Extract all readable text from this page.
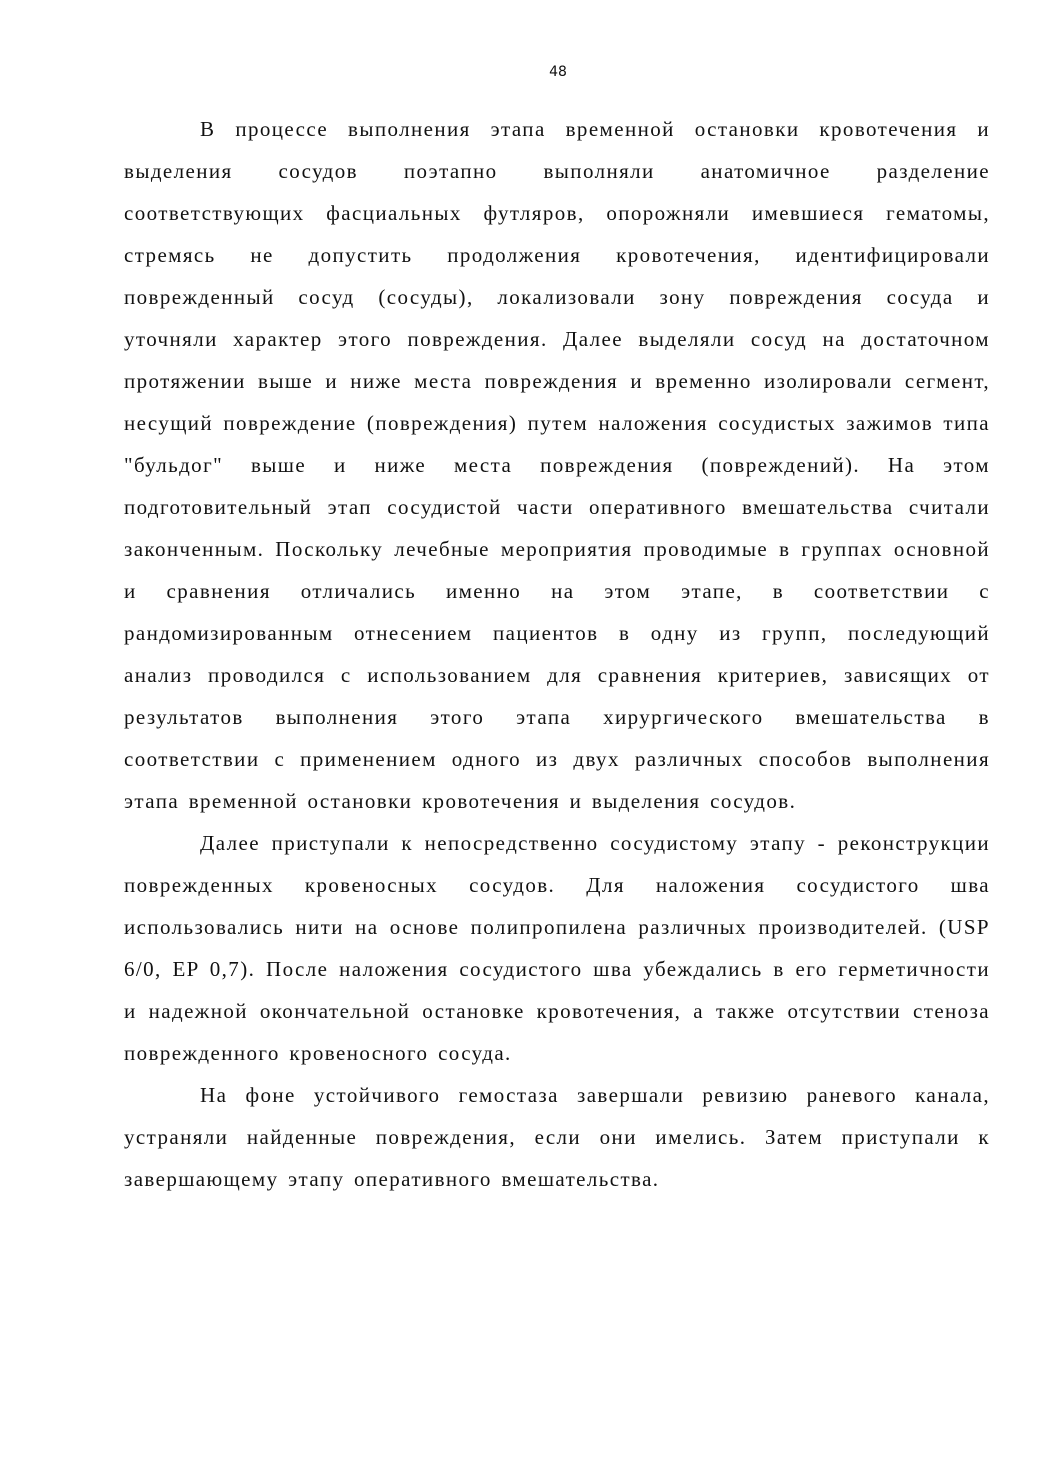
48

В процессе выполнения этапа временной остановки кровотечения и выделения сосудов поэтапно выполняли анатомичное разделение соответствующих фасциальных футляров, опорожняли имевшиеся гематомы, стремясь не допустить продолжения кровотечения, идентифицировали поврежденный сосуд (сосуды), локализовали зону повреждения сосуда и уточняли характер этого повреждения. Далее выделяли сосуд на достаточном протяжении выше и ниже места повреждения и временно изолировали сегмент, несущий повреждение (повреждения) путем наложения сосудистых зажимов типа "бульдог" выше и ниже места повреждения (повреждений). На этом подготовительный этап сосудистой части оперативного вмешательства считали законченным. Поскольку лечебные мероприятия проводимые в группах основной и сравнения отличались именно на этом этапе, в соответствии с рандомизированным отнесением пациентов в одну из групп, последующий анализ проводился с использованием для сравнения критериев, зависящих от результатов выполнения этого этапа хирургического вмешательства в соответствии с применением одного из двух различных способов выполнения этапа временной остановки кровотечения и выделения сосудов.

Далее приступали к непосредственно сосудистому этапу - реконструкции поврежденных кровеносных сосудов. Для наложения сосудистого шва использовались нити на основе полипропилена различных производителей. (USP 6/0, EP 0,7). После наложения сосудистого шва убеждались в его герметичности и надежной окончательной остановке кровотечения, а также отсутствии стеноза поврежденного кровеносного сосуда.

На фоне устойчивого гемостаза завершали ревизию раневого канала, устраняли найденные повреждения, если они имелись. Затем приступали к завершающему этапу оперативного вмешательства.
